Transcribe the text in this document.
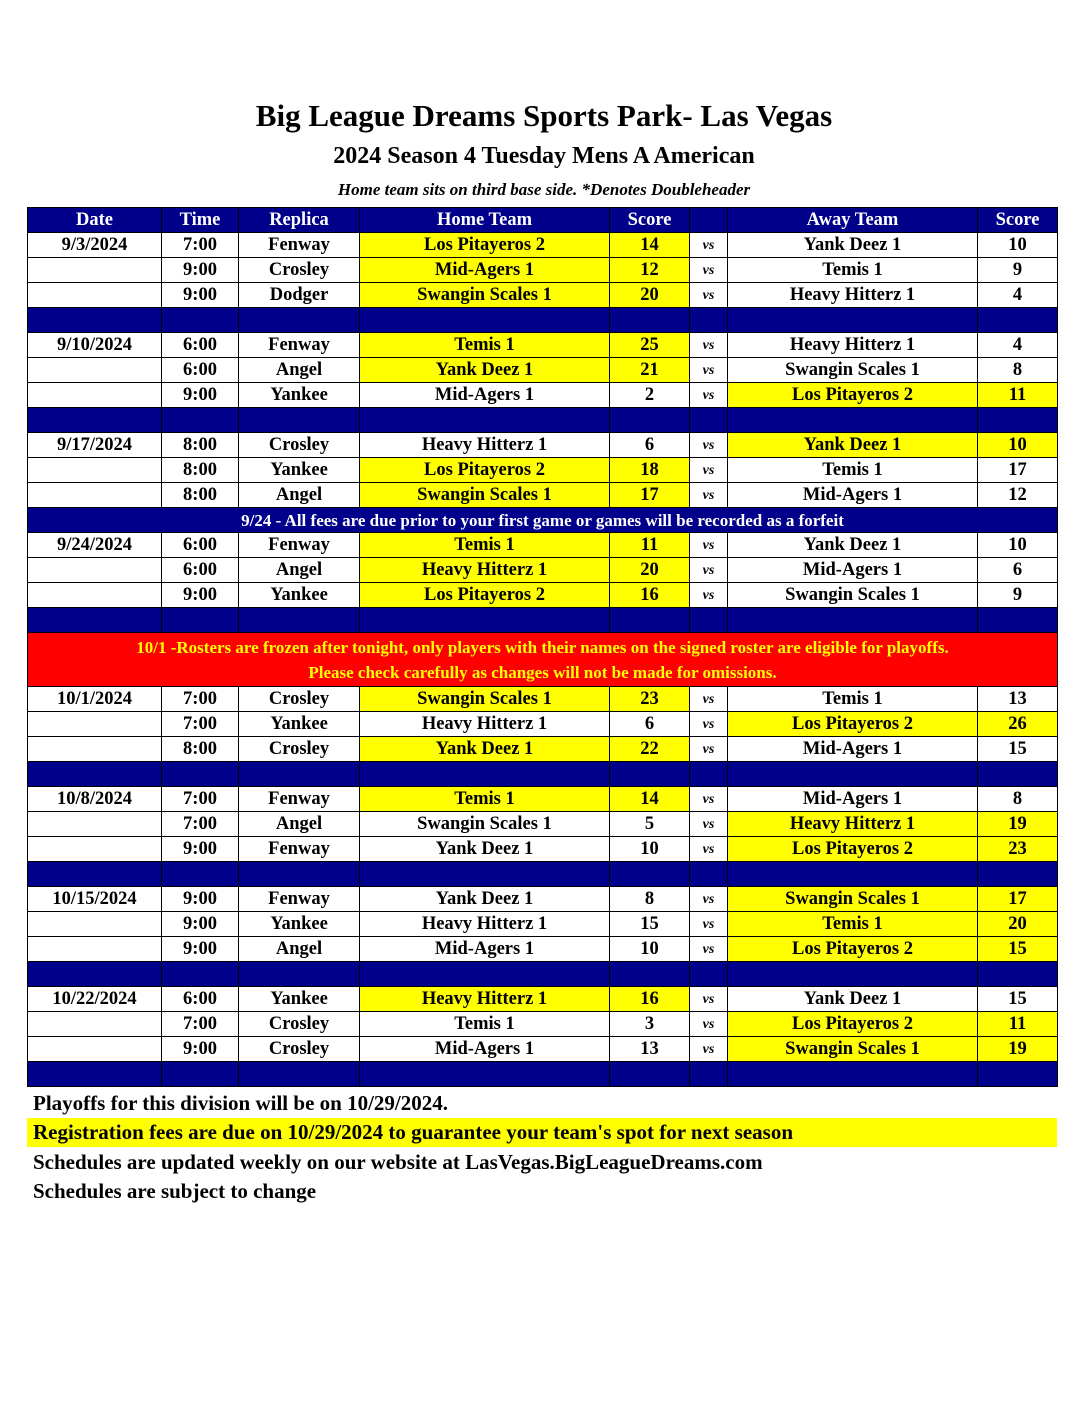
Big League Dreams Sports Park- Las Vegas
2024 Season 4 Tuesday Mens A American
Home team sits on third base side. *Denotes Doubleheader
Date	Time	Replica	Home Team	Score		Away Team	Score
9/3/2024	7:00	Fenway	Los Pitayeros 2	14	vs	Yank Deez 1	10
	9:00	Crosley	Mid-Agers 1	12	vs	Temis 1	9
	9:00	Dodger	Swangin Scales 1	20	vs	Heavy Hitterz 1	4

9/10/2024	6:00	Fenway	Temis 1	25	vs	Heavy Hitterz 1	4
	6:00	Angel	Yank Deez 1	21	vs	Swangin Scales 1	8
	9:00	Yankee	Mid-Agers 1	2	vs	Los Pitayeros 2	11

9/17/2024	8:00	Crosley	Heavy Hitterz 1	6	vs	Yank Deez 1	10
	8:00	Yankee	Los Pitayeros 2	18	vs	Temis 1	17
	8:00	Angel	Swangin Scales 1	17	vs	Mid-Agers 1	12
9/24 - All fees are due prior to your first game or games will be recorded as a forfeit							
9/24/2024	6:00	Fenway	Temis 1	11	vs	Yank Deez 1	10
	6:00	Angel	Heavy Hitterz 1	20	vs	Mid-Agers 1	6
	9:00	Yankee	Los Pitayeros 2	16	vs	Swangin Scales 1	9

10/1 -Rosters are frozen after tonight, only players with their names on the signed roster are eligible for playoffs.
Please check carefully as changes will not be made for omissions.							

10/1/2024	7:00	Crosley	Swangin Scales 1	23	vs	Temis 1	13
	7:00	Yankee	Heavy Hitterz 1	6	vs	Los Pitayeros 2	26
	8:00	Crosley	Yank Deez 1	22	vs	Mid-Agers 1	15

10/8/2024	7:00	Fenway	Temis 1	14	vs	Mid-Agers 1	8
	7:00	Angel	Swangin Scales 1	5	vs	Heavy Hitterz 1	19
	9:00	Fenway	Yank Deez 1	10	vs	Los Pitayeros 2	23

10/15/2024	9:00	Fenway	Yank Deez 1	8	vs	Swangin Scales 1	17
	9:00	Yankee	Heavy Hitterz 1	15	vs	Temis 1	20
	9:00	Angel	Mid-Agers 1	10	vs	Los Pitayeros 2	15

10/22/2024	6:00	Yankee	Heavy Hitterz 1	16	vs	Yank Deez 1	15
	7:00	Crosley	Temis 1	3	vs	Los Pitayeros 2	11
	9:00	Crosley	Mid-Agers 1	13	vs	Swangin Scales 1	19

Playoffs for this division will be on 10/29/2024.
Registration fees are due on 10/29/2024 to guarantee your team's spot for next season
Schedules are updated weekly on our website at LasVegas.BigLeagueDreams.com
Schedules are subject to change
